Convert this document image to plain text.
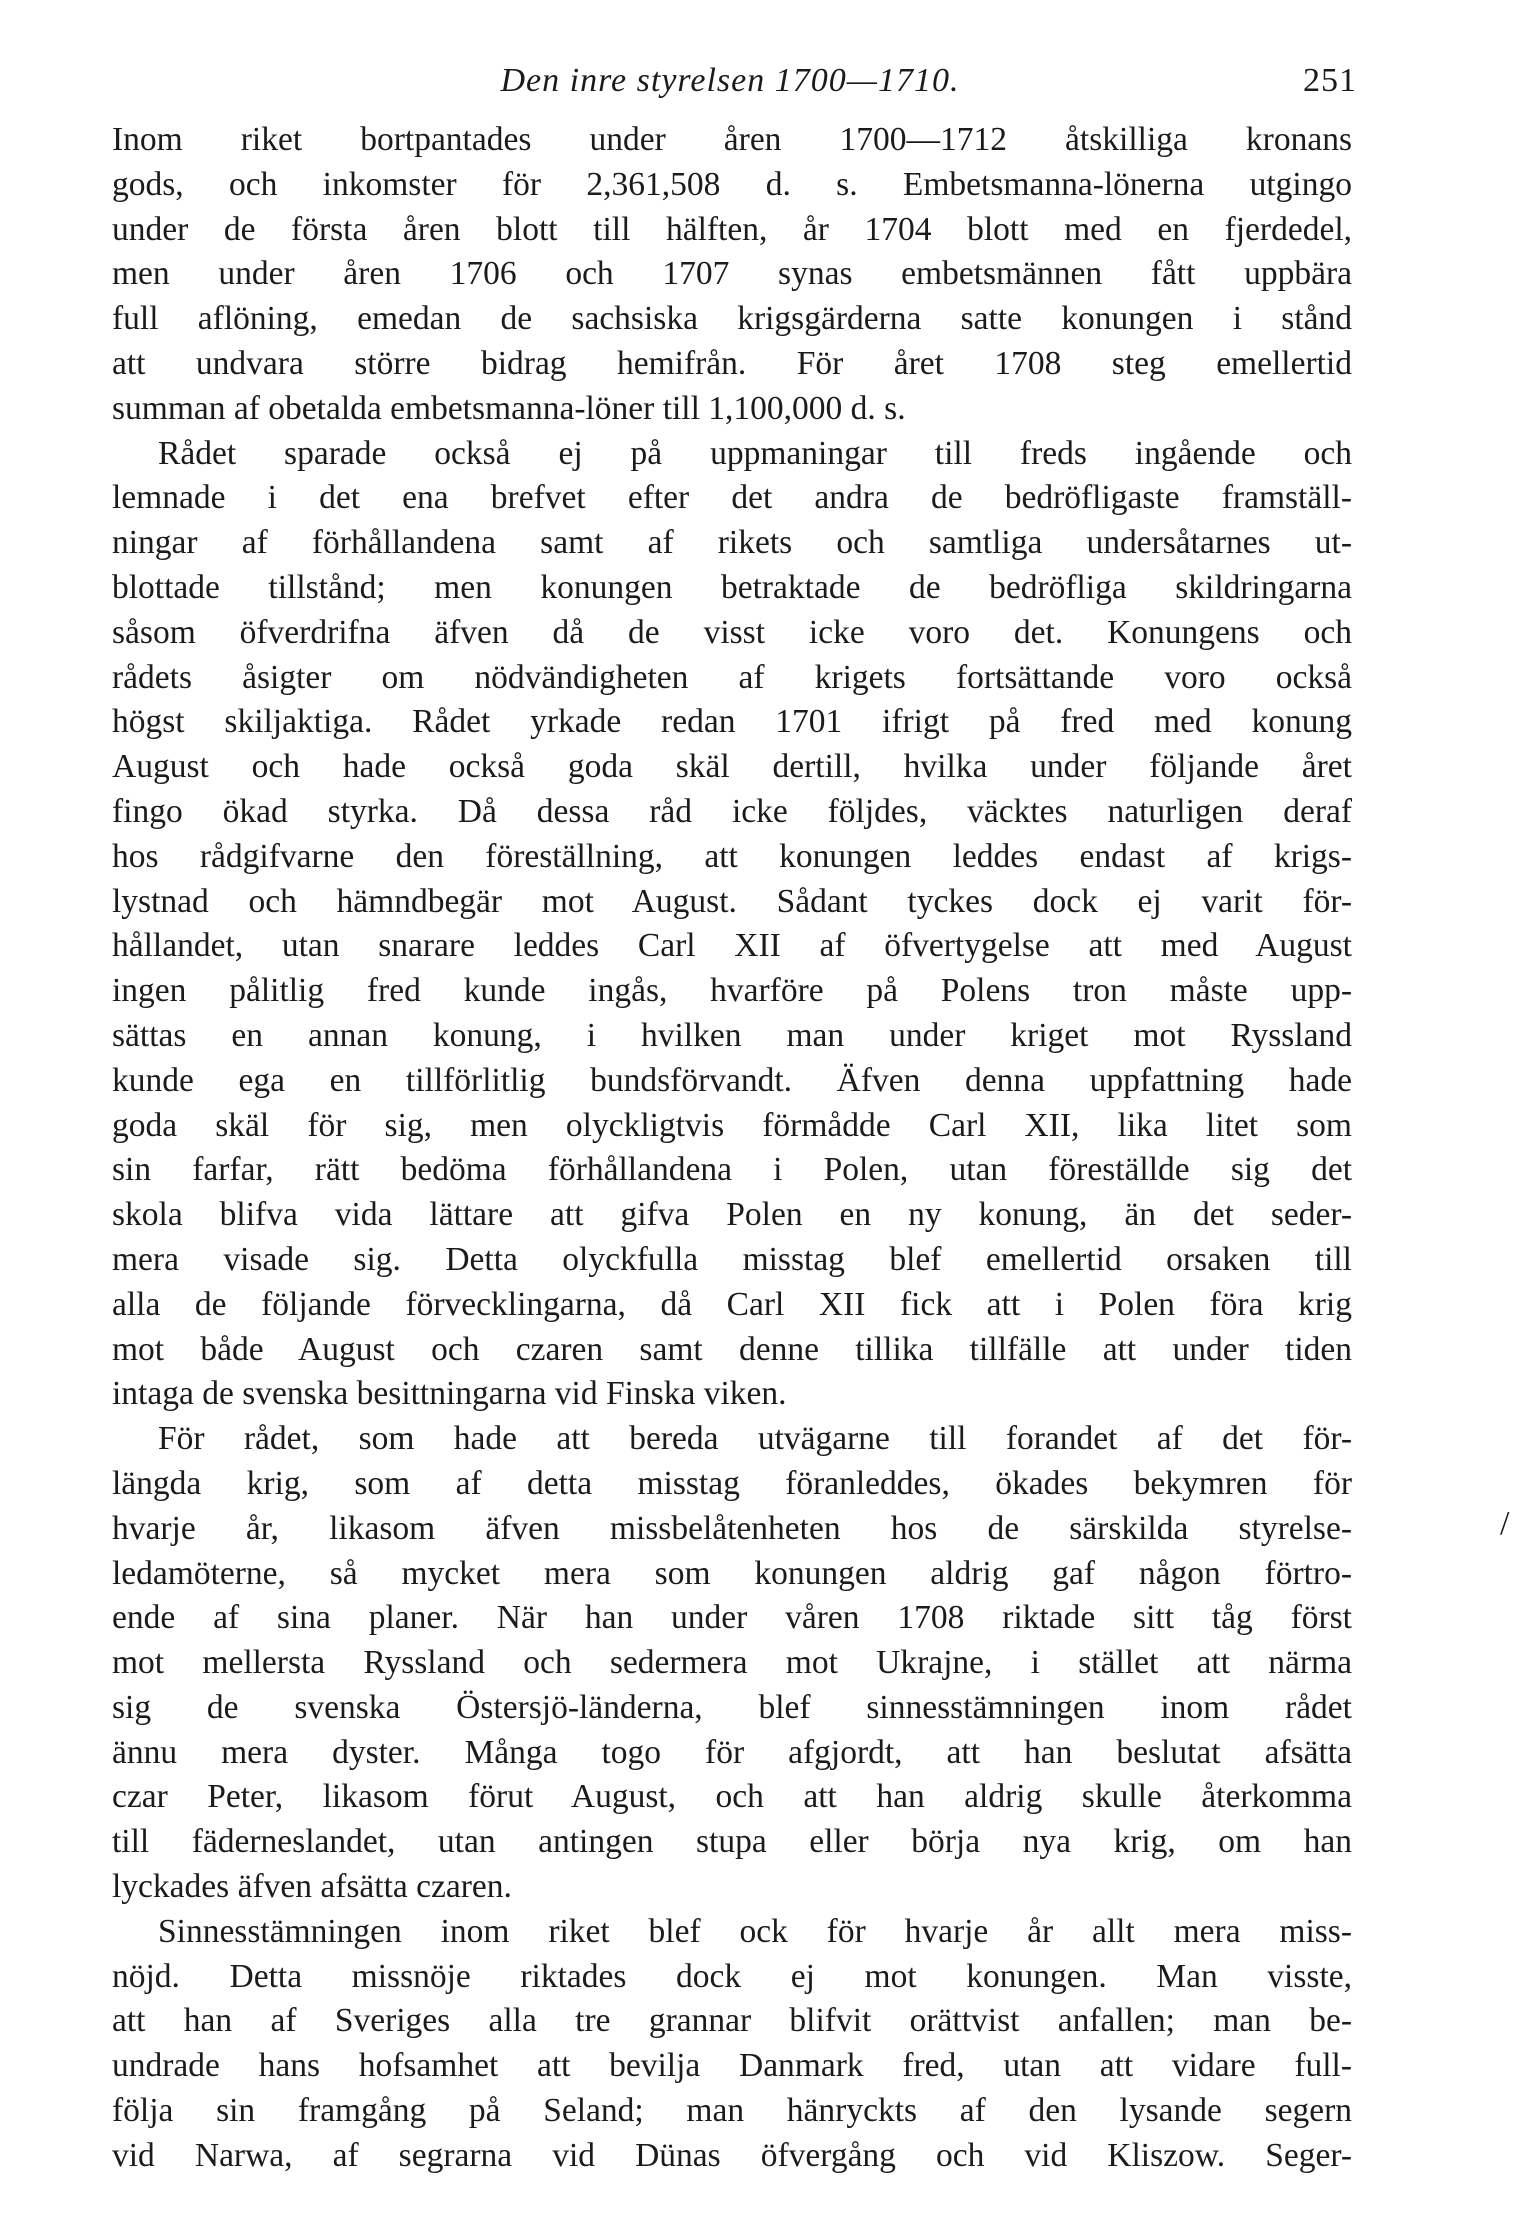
Den inre styrelsen 1700—1710.	251
Inom riket bortpantades under åren 1700—1712 åtskilliga kronans
gods, och inkomster för 2,361,508 d. s. Embetsmanna-lönerna utgingo
under de första åren blott till hälften, år 1704 blott med en fjerdedel,
men under åren 1706 och 1707 synas embetsmännen fått uppbära
full aflöning, emedan de sachsiska krigsgärderna satte konungen i stånd
att undvara större bidrag hemifrån. För året 1708 steg emellertid
summan af obetalda embetsmanna-löner till 1,100,000 d. s.
Rådet sparade också ej på uppmaningar till freds ingående och
lemnade i det ena brefvet efter det andra de bedröfligaste framställ-
ningar af förhållandena samt af rikets och samtliga undersåtarnes ut-
blottade tillstånd; men konungen betraktade de bedröfliga skildringarna
såsom öfverdrifna äfven då de visst icke voro det. Konungens och
rådets åsigter om nödvändigheten af krigets fortsättande voro också
högst skiljaktiga. Rådet yrkade redan 1701 ifrigt på fred med konung
August och hade också goda skäl dertill, hvilka under följande året
fingo ökad styrka. Då dessa råd icke följdes, väcktes naturligen deraf
hos rådgifvarne den föreställning, att konungen leddes endast af krigs-
lystnad och hämndbegär mot August. Sådant tyckes dock ej varit för-
hållandet, utan snarare leddes Carl XII af öfvertygelse att med August
ingen pålitlig fred kunde ingås, hvarföre på Polens tron måste upp-
sättas en annan konung, i hvilken man under kriget mot Ryssland
kunde ega en tillförlitlig bundsförvandt. Äfven denna uppfattning hade
goda skäl för sig, men olyckligtvis förmådde Carl XII, lika litet som
sin farfar, rätt bedöma förhållandena i Polen, utan föreställde sig det
skola blifva vida lättare att gifva Polen en ny konung, än det seder-
mera visade sig. Detta olyckfulla misstag blef emellertid orsaken till
alla de följande förvecklingarna, då Carl XII fick att i Polen föra krig
mot både August och czaren samt denne tillika tillfälle att under tiden
intaga de svenska besittningarna vid Finska viken.
För rådet, som hade att bereda utvägarne till forandet af det för-
längda krig, som af detta misstag föranleddes, ökades bekymren för
hvarje år, likasom äfven missbelåtenheten hos de särskilda styrelse-
ledamöterne, så mycket mera som konungen aldrig gaf någon förtro-
ende af sina planer. När han under våren 1708 riktade sitt tåg först
mot mellersta Ryssland och sedermera mot Ukrajne, i stället att närma
sig de svenska Östersjö-länderna, blef sinnesstämningen inom rådet
ännu mera dyster. Många togo för afgjordt, att han beslutat afsätta
czar Peter, likasom förut August, och att han aldrig skulle återkomma
till fäderneslandet, utan antingen stupa eller börja nya krig, om han
lyckades äfven afsätta czaren.
Sinnesstämningen inom riket blef ock för hvarje år allt mera miss-
nöjd. Detta missnöje riktades dock ej mot konungen. Man visste,
att han af Sveriges alla tre grannar blifvit orättvist anfallen; man be-
undrade hans hofsamhet att bevilja Danmark fred, utan att vidare full-
följa sin framgång på Seland; man hänryckts af den lysande segern
vid Narwa, af segrarna vid Dünas öfvergång och vid Kliszow. Seger-
/
